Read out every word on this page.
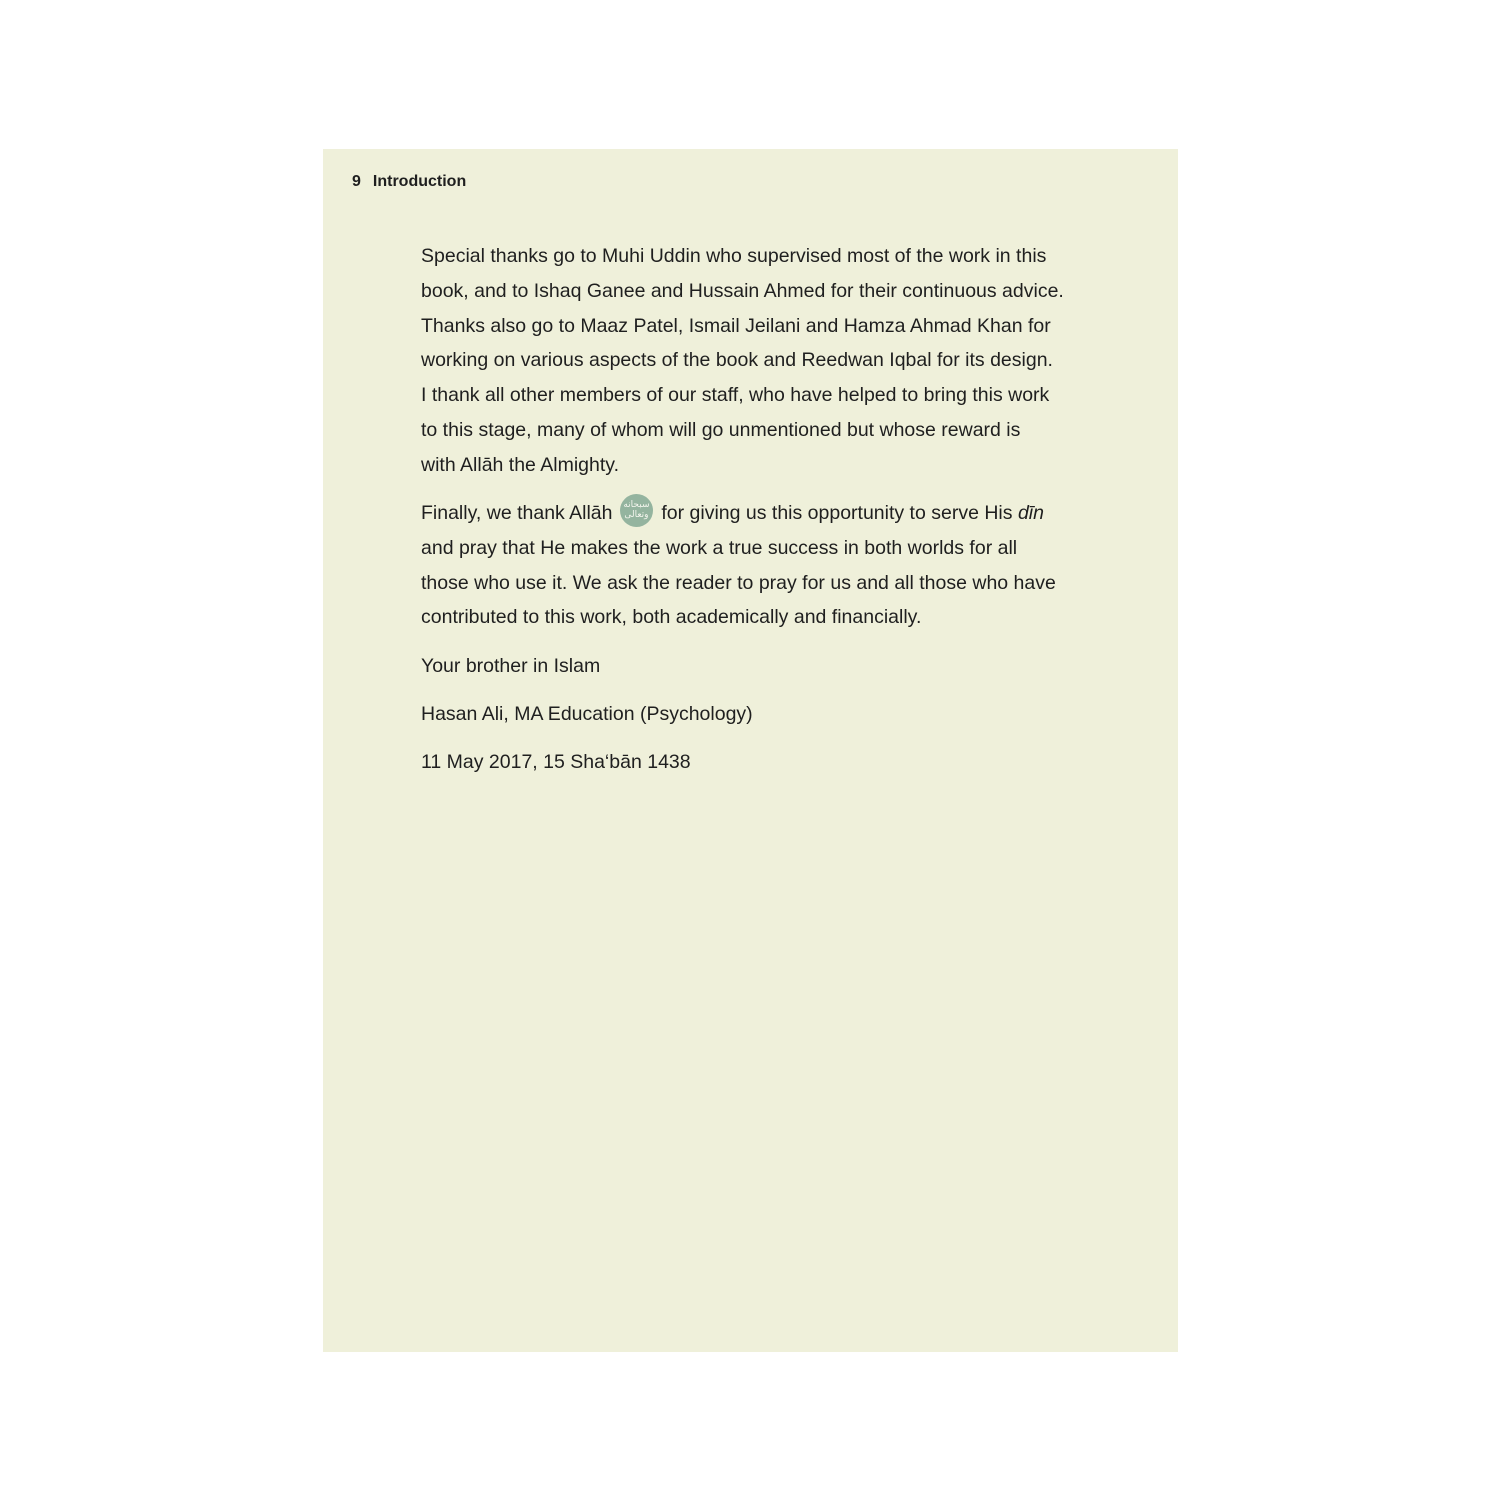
9 Introduction
Special thanks go to Muhi Uddin who supervised most of the work in this
book, and to Ishaq Ganee and Hussain Ahmed for their continuous advice.
Thanks also go to Maaz Patel, Ismail Jeilani and Hamza Ahmad Khan for
working on various aspects of the book and Reedwan Iqbal for its design.
I thank all other members of our staff, who have helped to bring this work
to this stage, many of whom will go unmentioned but whose reward is
with Allāh the Almighty.
Finally, we thank Allāh	سبحانه
وتعالى for giving us this opportunity to serve His dīn
and pray that He makes the work a true success in both worlds for all
those who use it. We ask the reader to pray for us and all those who have
contributed to this work, both academically and financially.
Your brother in Islam
Hasan Ali, MA Education (Psychology)
11 May 2017, 15 Sha‘bān 1438
